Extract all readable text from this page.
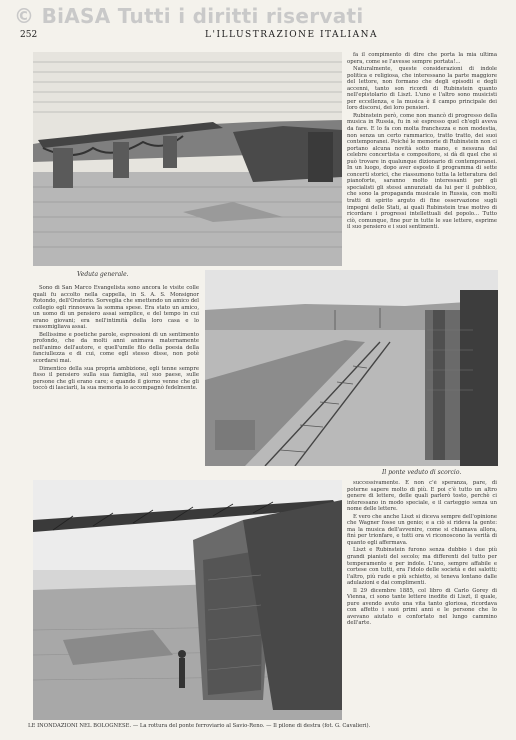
© BiASA Tutti i diritti riservati
252	L'ILLUSTRAZIONE ITALIANA
Veduta generale.

fa il compimento di dire che porta la mia ultima opera, come se l'avesse sempre portata!...

Naturalmente, queste considerazioni di indole politica e religiosa, che interessano la parte maggiore del lettore, non formano che degli episodii e degli accenni, tanto son ricordi di Rubinstein quanto nell'epistolario di Liszt. L'uno e l'altro sono musicisti per eccellenza, e la musica è il campo principale dei loro discorsi, dei loro pensieri.

Rubinstein però, come non mancò di progresso della musica in Russia, fu in sè espresso quel ch'egli aveva da fare. E lo fa con molta franchezza e non modestia, non senza un certo rammarico, tratto tratto, dei suoi contemporanei. Poiché le memorie di Rubinstein non ci portano alcuna novità sotto mano, e nessuna dal celebre concertista e compositore, si dà di quel che si può trovare in qualunque dizionario di contemporanei. In un luogo, dopo aver esposto il programma di sette concerti storici, che riassumono tutta la letteratura del pianoforte, saranno molto interessanti per gli specialisti gli stessi annunziati da lui per il pubblico, che sono la propaganda musicale in Russia, con molti tratti di spirito arguto di fine osservazione sugli impegni delle Stati, ai quali Rubinstein trae motivo di ricordare i progressi intellettuali del popolo... Tutto ciò, comunque, fine pur in tutte le sue lettere, esprime il suo pensiero e i suoi sentimenti.

Sono di San Marco Evangelista sono ancora le visite colle quali fu accolto nella cappella, in S. A. S. Monsignor Rotondo, dell'Oratorio. Sorveglia che smettendo un amico del collegio egli rinnovava la somma spese. Era stato un amico, un uomo di un pensiero assai semplice, e del tempo in cui erano giovani; era nell'intimità della loro casa e lo rassomigliava assai.

Bellissime e poetiche parole, espressioni di un sentimento profondo, che da molti anni animava maternamente nell'animo dell'autore, e quell'umile filo della poesia della fanciullezza e di cui, come egli stesso disse, non potè scordarsi mai.

Dimentico della sua propria ambizione, egli tenne sempre fisso il pensiero sulla sua famiglia, sul suo paese, sulle persone che gli erano care; e quando il giorno venne che gli toccò di lasciarli, la sua memoria lo accompagnò fedelmente.

Il ponte veduto di scorcio.

successivamente. E non c'è speranza, pare, di poterne sapere molto di più. E poi c'è tutto un altro genere di lettere, delle quali parlerò tosto, perchè ci interessano in modo speciale, e il carteggio senza un nome delle lettere.

E vero che anche Liszt si diceva sempre dell'opinione che Wagner fosse un genio; e a ciò si rideva la gente: ma la musica dell'avvenire, come si chiamava allora, finì per trionfare, e tutti ora vi riconoscono la verità di quanto egli affermava.

Liszt e Rubinstein furono senza dubbio i due più grandi pianisti del secolo; ma differenti del tutto per temperamento e per indole. L'uno, sempre affabile e cortese con tutti, era l'idolo delle società e dei salotti; l'altro, più rude e più schietto, si teneva lontano dalle adulazioni e dai complimenti.

Il 29 dicembre 1885, col libro di Carlo Gorey di Vienna, ci sono tante lettere inedite di Liszt, il quale, pure avendo avuto una vita tanto gloriosa, ricordava con affetto i suoi primi anni e le persone che lo avevano aiutato e confortato nel lungo cammino dell'arte.

LE INONDAZIONI NEL BOLOGNESE. — La rottura del ponte ferroviario al Savio-Reno. — Il pilone di destra (fot. G. Cavalieri).
